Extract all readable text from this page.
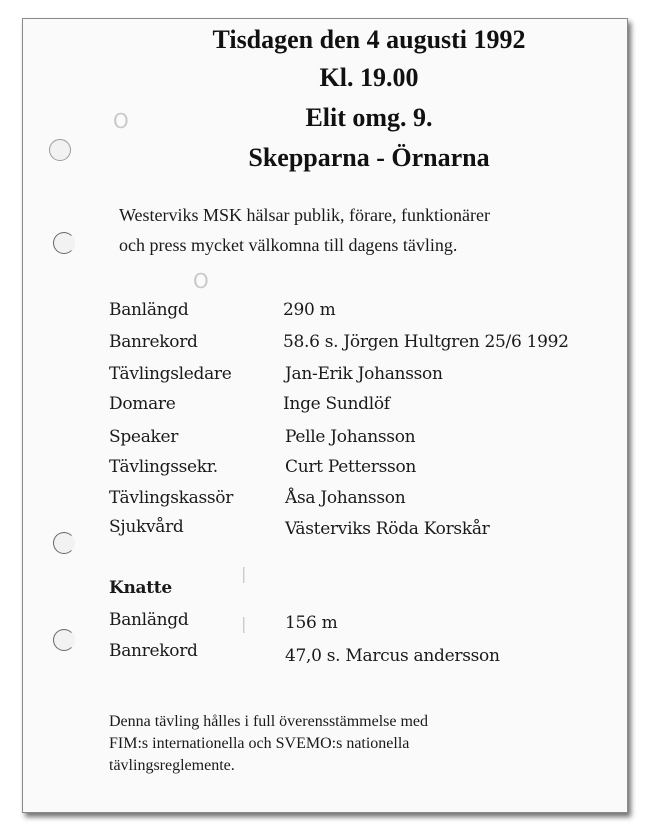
O
O
|
|
Tisdagen den 4 augusti 1992
Kl. 19.00
Elit omg. 9.
Skepparna - Örnarna
Westerviks MSK hälsar publik, förare, funktionärer
och press mycket välkomna till dagens tävling.
Banlängd	290 m
Banrekord	58.6 s. Jörgen Hultgren 25/6 1992
Tävlingsledare	Jan-Erik Johansson
Domare	Inge Sundlöf
Speaker	Pelle Johansson
Tävlingssekr.	Curt Pettersson
Tävlingskassör	Åsa Johansson
Sjukvård	Västerviks Röda Korskår
Knatte
Banlängd	156 m
Banrekord	47,0 s. Marcus andersson
Denna tävling hålles i full överensstämmelse med
FIM:s internationella och SVEMO:s nationella
tävlingsreglemente.
